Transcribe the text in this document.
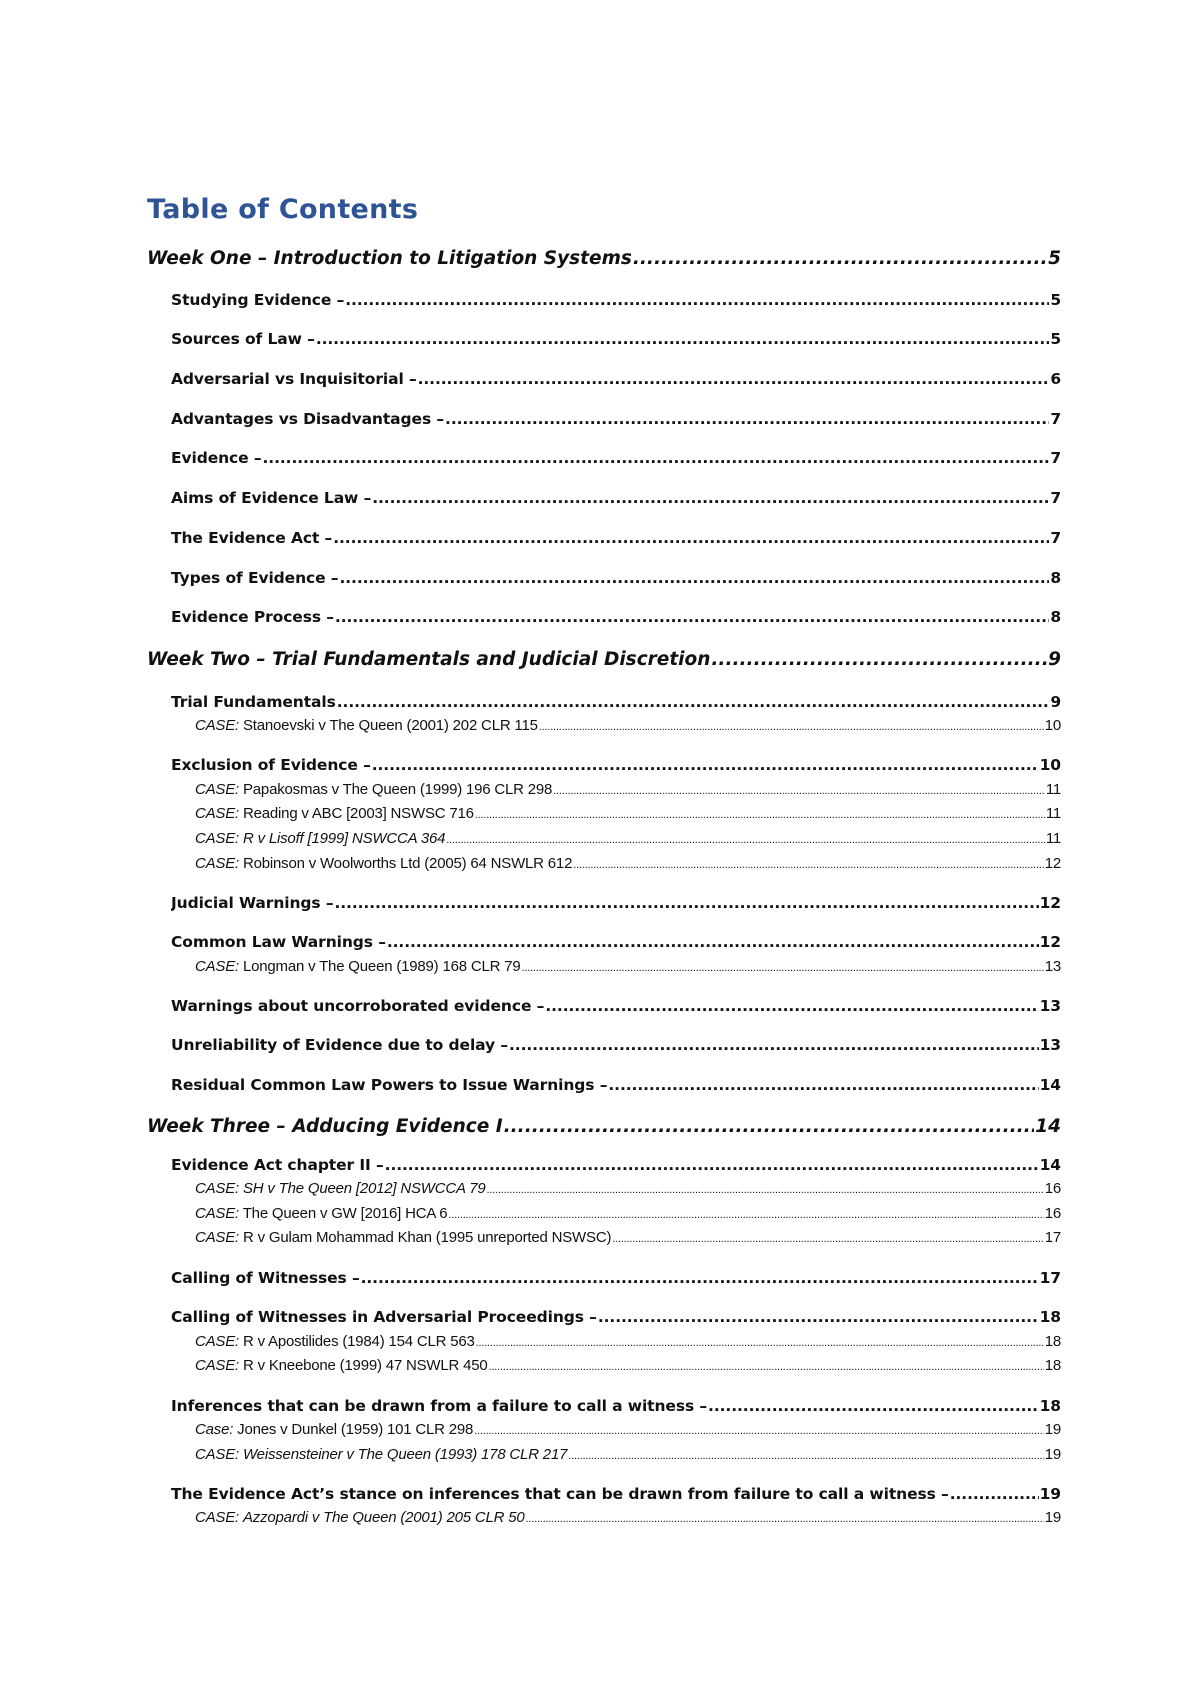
Table of Contents
Week One – Introduction to Litigation Systems .....	5
Studying Evidence – .....	5
Sources of Law – .....	5
Adversarial vs Inquisitorial – .....	6
Advantages vs Disadvantages – .....	7
Evidence – .....	7
Aims of Evidence Law – .....	7
The Evidence Act – .....	7
Types of Evidence – .....	8
Evidence Process – .....	8
Week Two – Trial Fundamentals and Judicial Discretion .....	9
Trial Fundamentals .....	9
CASE: Stanoevski v The Queen (2001) 202 CLR 115 .....	10
Exclusion of Evidence – .....	10
CASE: Papakosmas v The Queen (1999) 196 CLR 298 .....	11
CASE: Reading v ABC [2003] NSWSC 716 .....	11
CASE: R v Lisoff [1999] NSWCCA 364 .....	11
CASE: Robinson v Woolworths Ltd (2005) 64 NSWLR 612 .....	12
Judicial Warnings – .....	12
Common Law Warnings – .....	12
CASE: Longman v The Queen (1989) 168 CLR 79 .....	13
Warnings about uncorroborated evidence – .....	13
Unreliability of Evidence due to delay – .....	13
Residual Common Law Powers to Issue Warnings – .....	14
Week Three – Adducing Evidence I .....	14
Evidence Act chapter II – .....	14
CASE: SH v The Queen [2012] NSWCCA 79 .....	16
CASE: The Queen v GW [2016] HCA 6 .....	16
CASE: R v Gulam Mohammad Khan (1995 unreported NSWSC) .....	17
Calling of Witnesses – .....	17
Calling of Witnesses in Adversarial Proceedings – .....	18
CASE: R v Apostilides (1984) 154 CLR 563 .....	18
CASE: R v Kneebone (1999) 47 NSWLR 450 .....	18
Inferences that can be drawn from a failure to call a witness – .....	18
Case: Jones v Dunkel (1959) 101 CLR 298 .....	19
CASE: Weissensteiner v The Queen (1993) 178 CLR 217 .....	19
The Evidence Act’s stance on inferences that can be drawn from failure to call a witness – .....	19
CASE: Azzopardi v The Queen (2001) 205 CLR 50 .....	19
